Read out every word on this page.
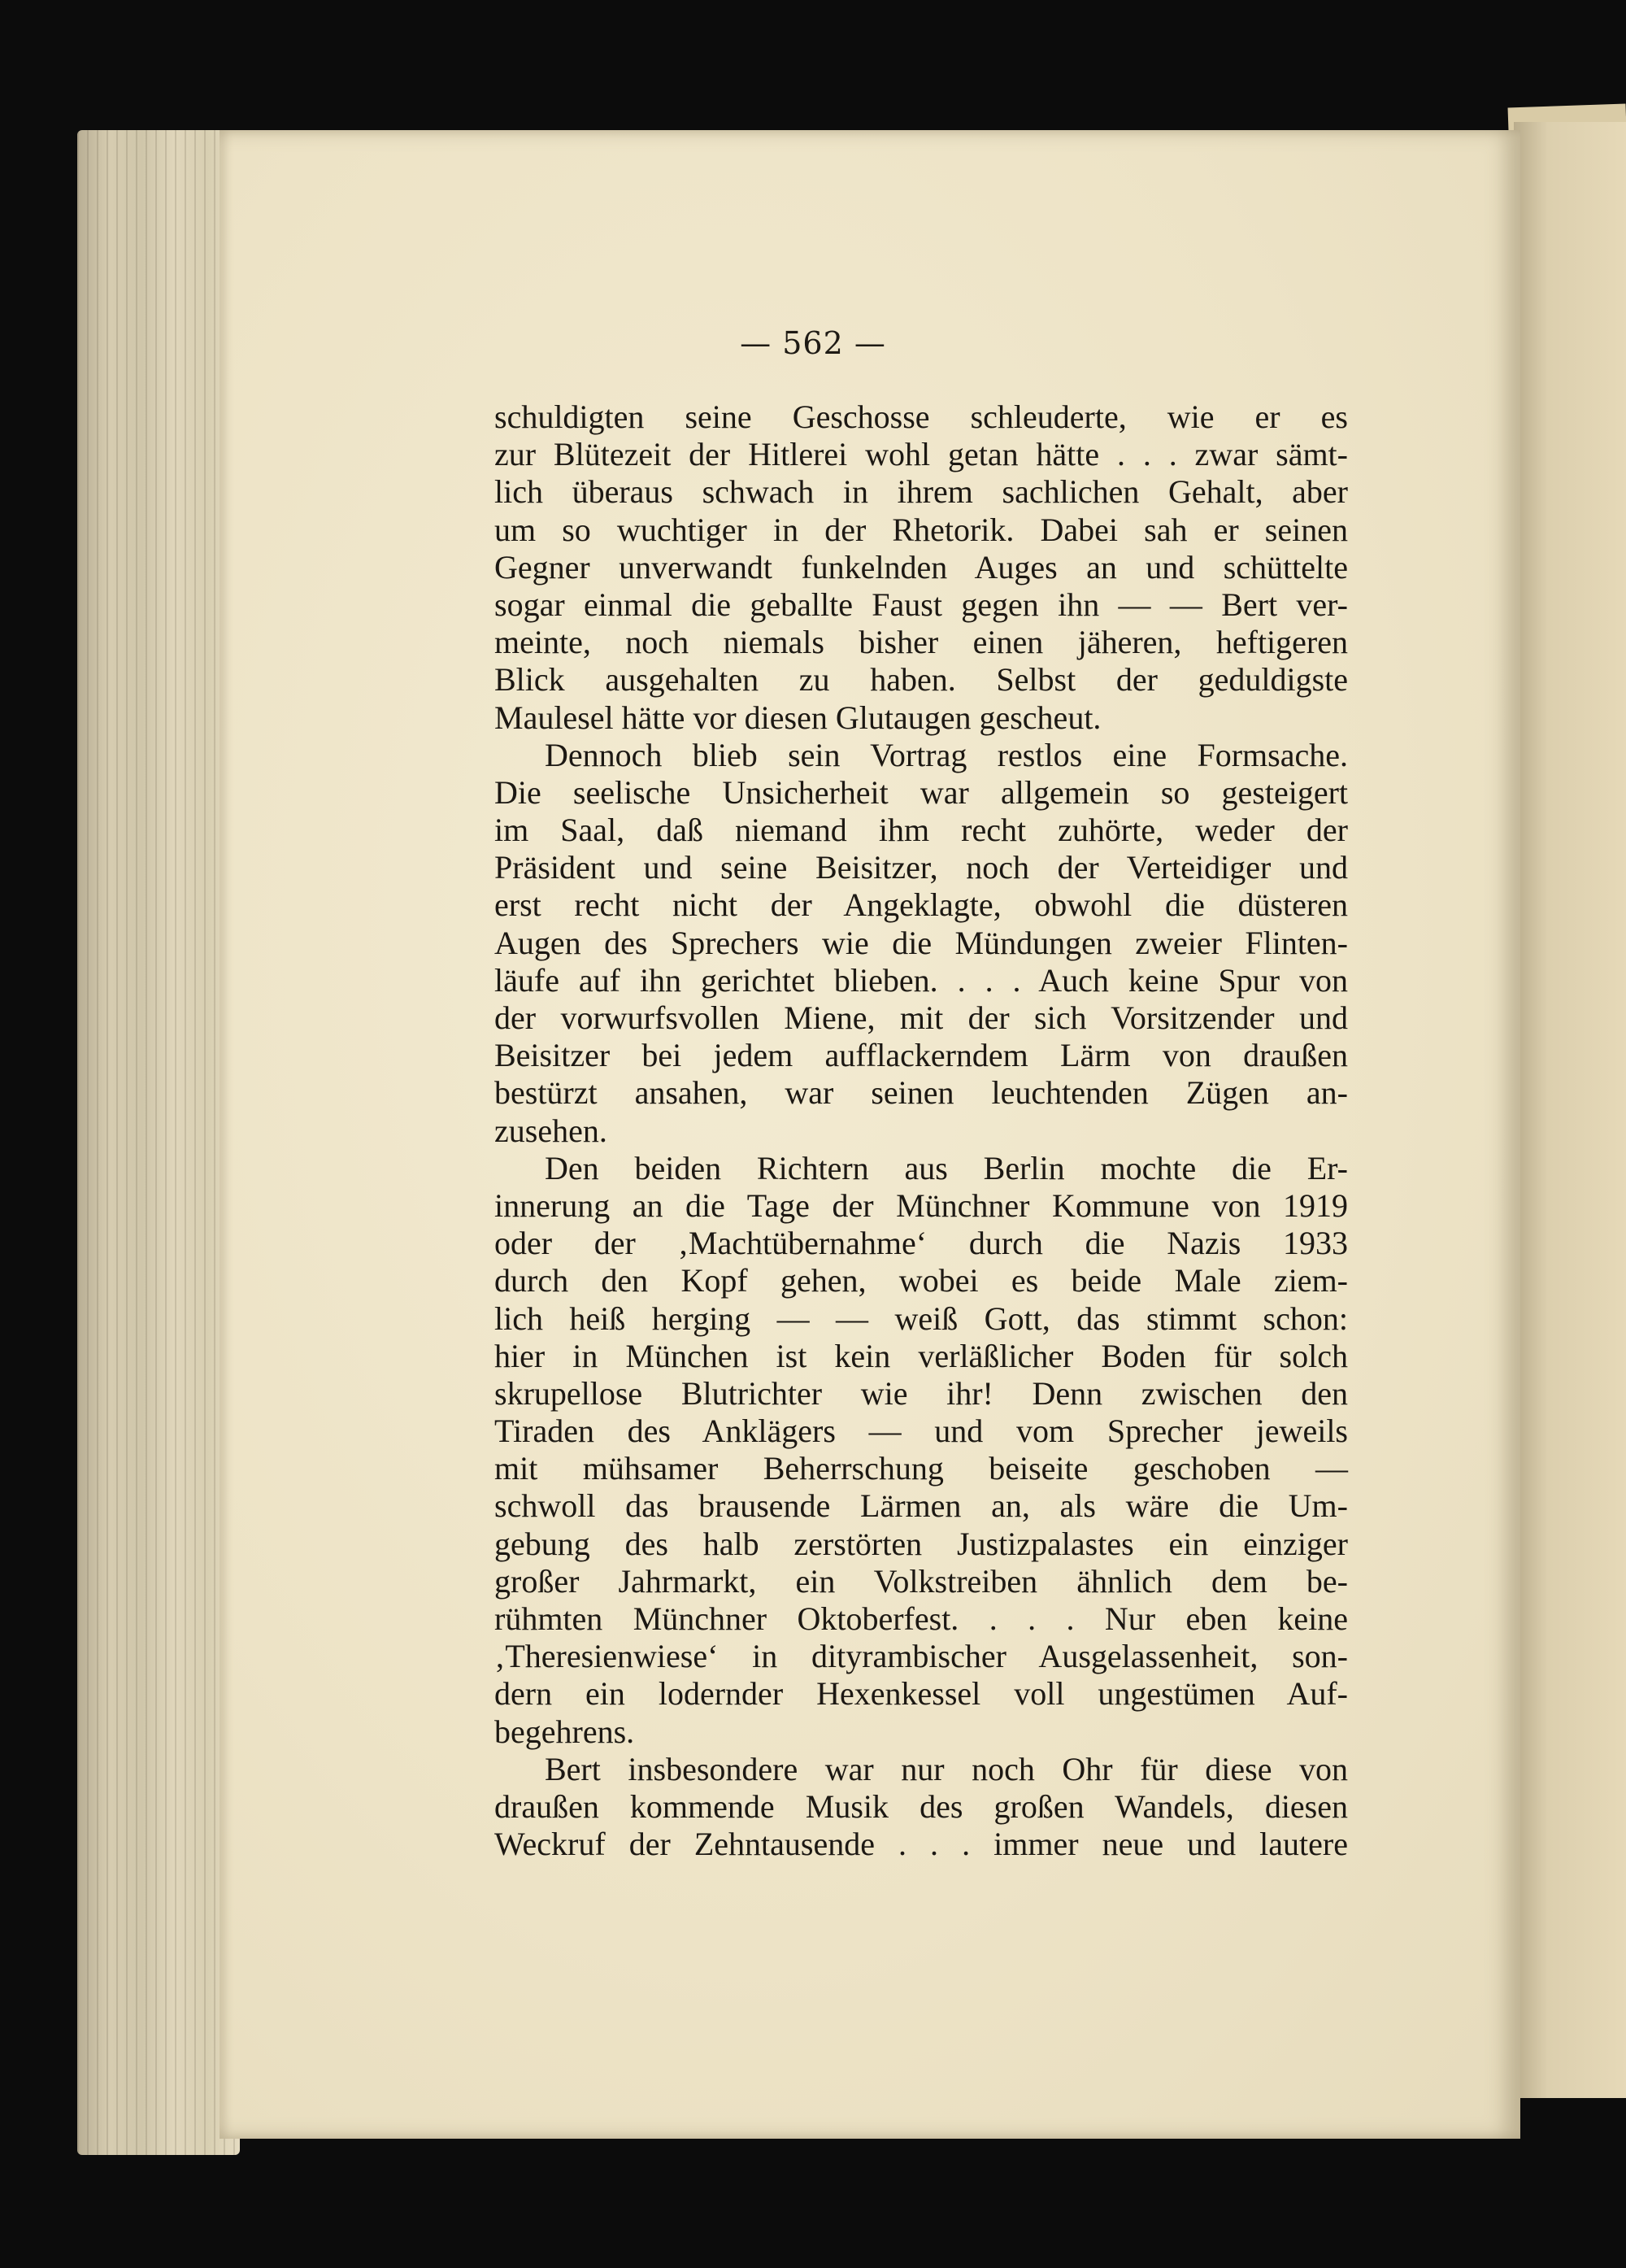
— 562 —
schuldigten seine Geschosse schleuderte, wie er es
zur Blütezeit der Hitlerei wohl getan hätte . . . zwar sämt-
lich überaus schwach in ihrem sachlichen Gehalt, aber
um so wuchtiger in der Rhetorik. Dabei sah er seinen
Gegner unverwandt funkelnden Auges an und schüttelte
sogar einmal die geballte Faust gegen ihn — — Bert ver-
meinte, noch niemals bisher einen jäheren, heftigeren
Blick ausgehalten zu haben. Selbst der geduldigste
Maulesel hätte vor diesen Glutaugen gescheut.
Dennoch blieb sein Vortrag restlos eine Formsache.
Die seelische Unsicherheit war allgemein so gesteigert
im Saal, daß niemand ihm recht zuhörte, weder der
Präsident und seine Beisitzer, noch der Verteidiger und
erst recht nicht der Angeklagte, obwohl die düsteren
Augen des Sprechers wie die Mündungen zweier Flinten-
läufe auf ihn gerichtet blieben. . . . Auch keine Spur von
der vorwurfsvollen Miene, mit der sich Vorsitzender und
Beisitzer bei jedem aufflackerndem Lärm von draußen
bestürzt ansahen, war seinen leuchtenden Zügen an-
zusehen.
Den beiden Richtern aus Berlin mochte die Er-
innerung an die Tage der Münchner Kommune von 1919
oder der ‚Machtübernahme‘ durch die Nazis 1933
durch den Kopf gehen, wobei es beide Male ziem-
lich heiß herging — — weiß Gott, das stimmt schon:
hier in München ist kein verläßlicher Boden für solch
skrupellose Blutrichter wie ihr! Denn zwischen den
Tiraden des Anklägers — und vom Sprecher jeweils
mit mühsamer Beherrschung beiseite geschoben —
schwoll das brausende Lärmen an, als wäre die Um-
gebung des halb zerstörten Justizpalastes ein einziger
großer Jahrmarkt, ein Volkstreiben ähnlich dem be-
rühmten Münchner Oktoberfest. . . . Nur eben keine
‚Theresienwiese‘ in dityrambischer Ausgelassenheit, son-
dern ein lodernder Hexenkessel voll ungestümen Auf-
begehrens.
Bert insbesondere war nur noch Ohr für diese von
draußen kommende Musik des großen Wandels, diesen
Weckruf der Zehntausende . . . immer neue und lautere
